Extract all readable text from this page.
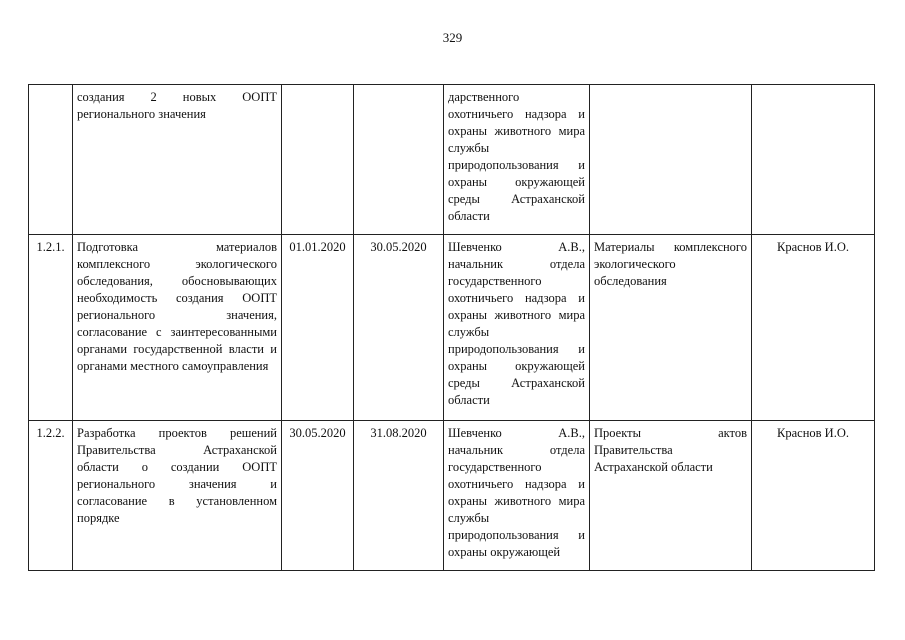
329
	создания 2 новых ООПТ регионального значения			дарственного охотничьего надзора и охраны животного мира службы природопользования и охраны окружающей среды Астраханской области		
1.2.1.	Подготовка материалов комплексного экологического обследования, обосновывающих необходимость создания ООПТ регионального значения, согласование с заинтересованными органами государственной власти и органами местного самоуправления	01.01.2020	30.05.2020	Шевченко А.В., начальник отдела государственного охотничьего надзора и охраны животного мира службы природопользования и охраны окружающей среды Астраханской области	Материалы комплексного экологического обследования	Краснов И.О.
1.2.2.	Разработка проектов решений Правительства Астраханской области о создании ООПТ регионального значения и согласование в установленном порядке	30.05.2020	31.08.2020	Шевченко А.В., начальник отдела государственного охотничьего надзора и охраны животного мира службы природопользования и охраны окружающей	Проекты актов Правительства Астраханской области	Краснов И.О.
